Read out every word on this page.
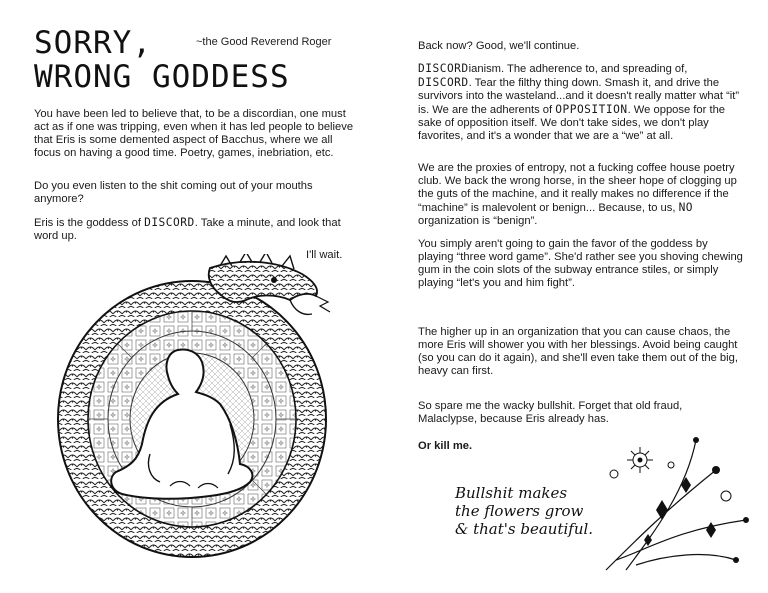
SORRY,
WRONG GODDESS
~the Good Reverend Roger

You have been led to believe that, to be a discordian, one must act as if one was tripping, even when it has led people to believe that Eris is some demented aspect of Bacchus, where we all focus on having a good time. Poetry, games, inebriation, etc.

Do you even listen to the shit coming out of your mouths anymore?

Eris is the goddess of DISCORD. Take a minute, and look that word up.

I'll wait.

Back now? Good, we'll continue.

DISCORDianism. The adherence to, and spreading of, DISCORD. Tear the filthy thing down. Smash it, and drive the survivors into the wasteland...and it doesn't really matter what “it” is. We are the adherents of OPPOSITION. We oppose for the sake of opposition itself. We don't take sides, we don't play favorites, and it's a wonder that we are a “we” at all.

We are the proxies of entropy, not a fucking coffee house poetry club. We back the wrong horse, in the sheer hope of clogging up the guts of the machine, and it really makes no difference if the “machine” is malevolent or benign... Because, to us, NO organization is “benign”.

You simply aren't going to gain the favor of the goddess by playing “three word game”. She'd rather see you shoving chewing gum in the coin slots of the subway entrance stiles, or simply playing “let's you and him fight”.

The higher up in an organization that you can cause chaos, the more Eris will shower you with her blessings. Avoid being caught (so you can do it again), and she'll even take them out of the big, heavy can first.

So spare me the wacky bullshit. Forget that old fraud, Malaclypse, because Eris already has.

Or kill me.

Bullshit makes
the flowers grow
& that's beautiful.
